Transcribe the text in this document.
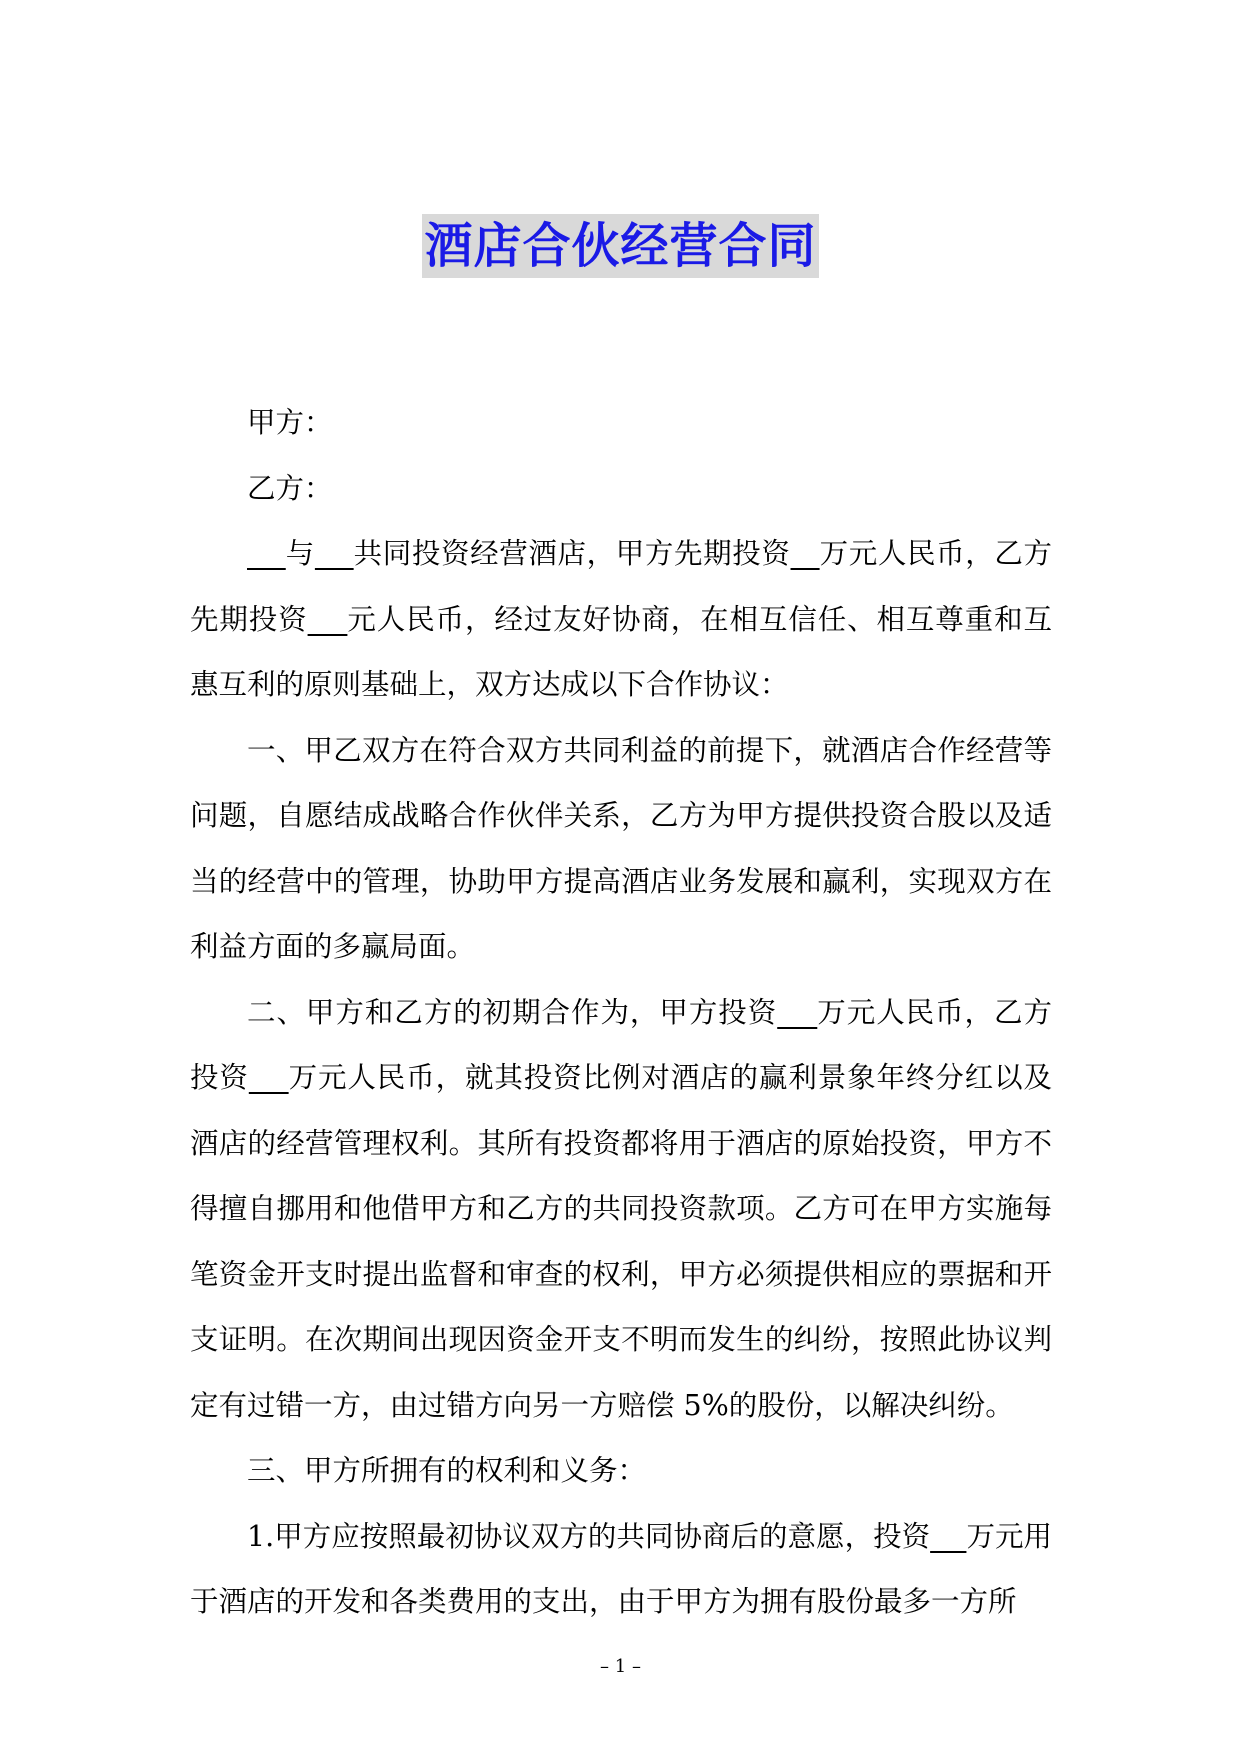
酒店合伙经营合同

甲方：

乙方：

与 共同投资经营酒店，甲方先期投资 万元人民币，乙方先期投资 元人民币，经过友好协商，在相互信任、相互尊重和互惠互利的原则基础上，双方达成以下合作协议：

一、甲乙双方在符合双方共同利益的前提下，就酒店合作经营等问题，自愿结成战略合作伙伴关系，乙方为甲方提供投资合股以及适当的经营中的管理，协助甲方提高酒店业务发展和赢利，实现双方在利益方面的多赢局面。

二、甲方和乙方的初期合作为，甲方投资 万元人民币，乙方投资 万元人民币，就其投资比例对酒店的赢利景象年终分红以及酒店的经营管理权利。其所有投资都将用于酒店的原始投资，甲方不得擅自挪用和他借甲方和乙方的共同投资款项。乙方可在甲方实施每笔资金开支时提出监督和审查的权利，甲方必须提供相应的票据和开支证明。在次期间出现因资金开支不明而发生的纠纷，按照此协议判定有过错一方，由过错方向另一方赔偿 5%的股份，以解决纠纷。

三、甲方所拥有的权利和义务：

1.甲方应按照最初协议双方的共同协商后的意愿，投资 万元用于酒店的开发和各类费用的支出，由于甲方为拥有股份最多一方所

– 1 –
